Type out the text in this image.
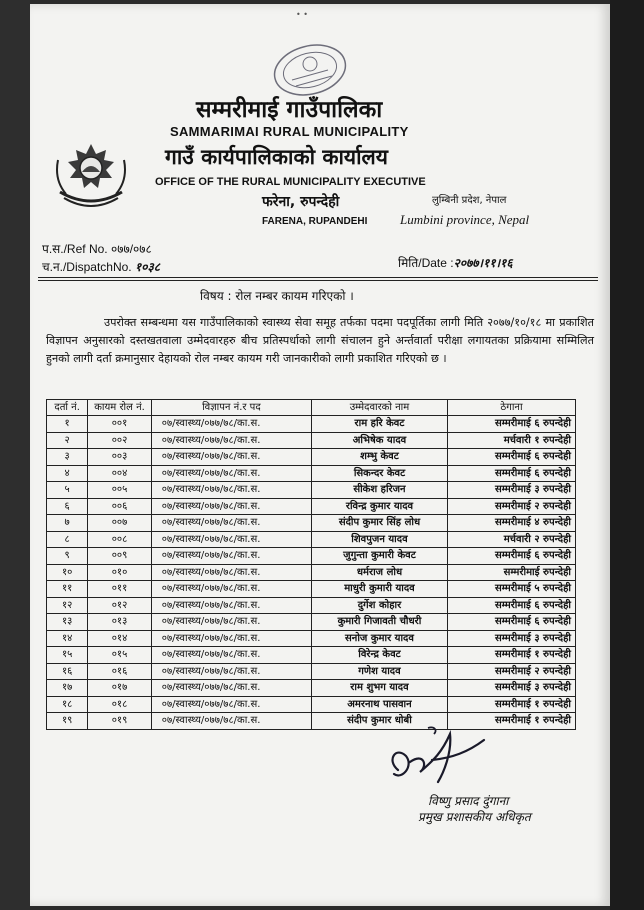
• •
सम्मरीमाई गाउँपालिका
SAMMARIMAI RURAL MUNICIPALITY
गाउँ कार्यपालिकाको कार्यालय
OFFICE OF THE RURAL MUNICIPALITY EXECUTIVE
फरेना, रुपन्देही
FARENA, RUPANDEHI
लुम्बिनी प्रदेश, नेपाल
Lumbini province, Nepal
प.स./Ref No. ०७७/०७८
च.न./DispatchNo. १०३८	मिति/Date :२०७७।११।१६
विषय : रोल नम्बर कायम गरिएको ।
उपरोक्त सम्बन्धमा यस गाउँपालिकाको स्वास्थ्य सेवा समूह तर्फका पदमा पदपूर्तिका लागी मिति २०७७/१०/१८ मा प्रकाशित विज्ञापन अनुसारको दस्तखतवाला उम्मेदवारहरु बीच प्रतिस्पर्धाको लागी संचालन हुने अर्न्तवार्ता परीक्षा लगायतका प्रक्रियामा सम्मिलित हुनको लागी दर्ता क्रमानुसार देहायको रोल नम्बर कायम गरी जानकारीको लागी प्रकाशित गरिएको छ ।
दर्ता नं.	कायम रोल नं.	विज्ञापन नं.र पद	उम्मेदवारको नाम	ठेगाना
१	००१	०७/स्वास्थ्य/०७७/७८/का.स.	राम हरि केवट	सम्मरीमाई ६ रुपन्देही
२	००२	०७/स्वास्थ्य/०७७/७८/का.स.	अभिषेक यादव	मर्चवारी १ रुपन्देही
३	००३	०७/स्वास्थ्य/०७७/७८/का.स.	शम्भु केवट	सम्मरीमाई ६ रुपन्देही
४	००४	०७/स्वास्थ्य/०७७/७८/का.स.	सिकन्दर केवट	सम्मरीमाई ६ रुपन्देही
५	००५	०७/स्वास्थ्य/०७७/७८/का.स.	सीकेश हरिजन	सम्मरीमाई ३ रुपन्देही
६	००६	०७/स्वास्थ्य/०७७/७८/का.स.	रविन्द्र कुमार यादव	सम्मरीमाई २ रुपन्देही
७	००७	०७/स्वास्थ्य/०७७/७८/का.स.	संदीप कुमार सिंह लोध	सम्मरीमाई ४ रुपन्देही
८	००८	०७/स्वास्थ्य/०७७/७८/का.स.	शिवपुजन यादव	मर्चवारी २ रुपन्देही
९	००९	०७/स्वास्थ्य/०७७/७८/का.स.	जुगुन्ता कुमारी केवट	सम्मरीमाई ६ रुपन्देही
१०	०१०	०७/स्वास्थ्य/०७७/७८/का.स.	धर्मराज लोध	सम्मरीमाई रुपन्देही
११	०११	०७/स्वास्थ्य/०७७/७८/का.स.	माधुरी कुमारी यादव	सम्मरीमाई ५ रुपन्देही
१२	०१२	०७/स्वास्थ्य/०७७/७८/का.स.	दुर्गेश कोहार	सम्मरीमाई ६ रुपन्देही
१३	०१३	०७/स्वास्थ्य/०७७/७८/का.स.	कुमारी गिजावती चौधरी	सम्मरीमाई ६ रुपन्देही
१४	०१४	०७/स्वास्थ्य/०७७/७८/का.स.	सनोज कुमार यादव	सम्मरीमाई ३ रुपन्देही
१५	०१५	०७/स्वास्थ्य/०७७/७८/का.स.	विरेन्द्र केवट	सम्मरीमाई १ रुपन्देही
१६	०१६	०७/स्वास्थ्य/०७७/७८/का.स.	गणेश यादव	सम्मरीमाई २ रुपन्देही
१७	०१७	०७/स्वास्थ्य/०७७/७८/का.स.	राम शुभग यादव	सम्मरीमाई ३ रुपन्देही
१८	०१८	०७/स्वास्थ्य/०७७/७८/का.स.	अमरनाथ पासवान	सम्मरीमाई १ रुपन्देही
१९	०१९	०७/स्वास्थ्य/०७७/७८/का.स.	संदीप कुमार धोबी	सम्मरीमाई १ रुपन्देही
विष्णु प्रसाद दुंगाना
प्रमुख प्रशासकीय अधिकृत
